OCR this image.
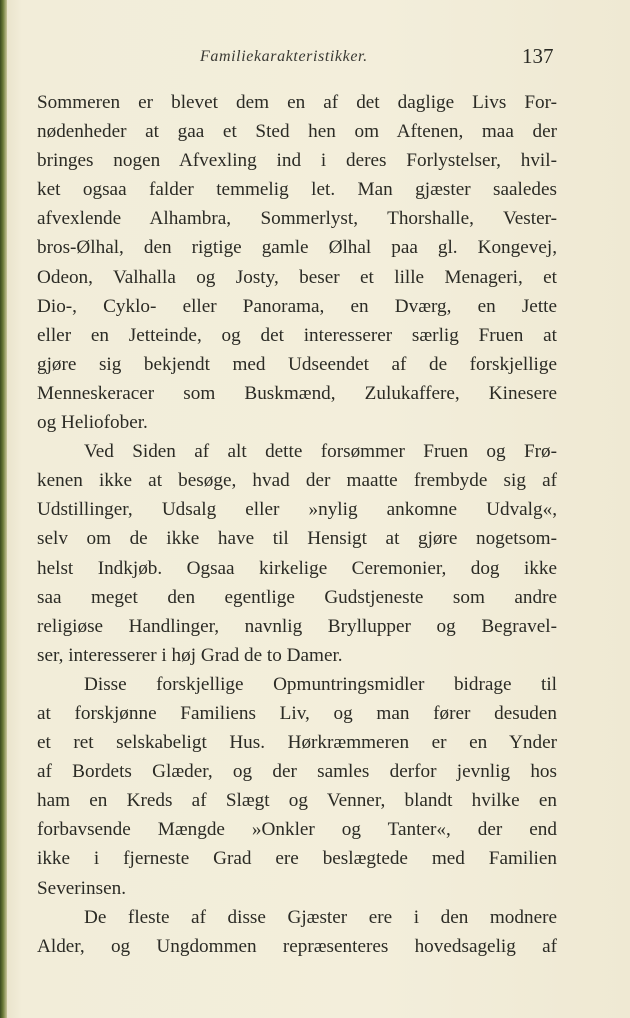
Familiekarakteristikker.	137
Sommeren er blevet dem en af det daglige Livs For-
nødenheder at gaa et Sted hen om Aftenen, maa der
bringes nogen Afvexling ind i deres Forlystelser, hvil-
ket ogsaa falder temmelig let. Man gjæster saaledes
afvexlende Alhambra, Sommerlyst, Thorshalle, Vester-
bros-Ølhal, den rigtige gamle Ølhal paa gl. Kongevej,
Odeon, Valhalla og Josty, beser et lille Menageri, et
Dio-, Cyklo- eller Panorama, en Dværg, en Jette
eller en Jetteinde, og det interesserer særlig Fruen at
gjøre sig bekjendt med Udseendet af de forskjellige
Menneskeracer som Buskmænd, Zulukaffere, Kinesere
og Heliofober.
Ved Siden af alt dette forsømmer Fruen og Frø-
kenen ikke at besøge, hvad der maatte frembyde sig af
Udstillinger, Udsalg eller »nylig ankomne Udvalg«,
selv om de ikke have til Hensigt at gjøre nogetsom-
helst Indkjøb. Ogsaa kirkelige Ceremonier, dog ikke
saa meget den egentlige Gudstjeneste som andre
religiøse Handlinger, navnlig Bryllupper og Begravel-
ser, interesserer i høj Grad de to Damer.
Disse forskjellige Opmuntringsmidler bidrage til
at forskjønne Familiens Liv, og man fører desuden
et ret selskabeligt Hus. Hørkræmmeren er en Ynder
af Bordets Glæder, og der samles derfor jevnlig hos
ham en Kreds af Slægt og Venner, blandt hvilke en
forbavsende Mængde »Onkler og Tanter«, der end
ikke i fjerneste Grad ere beslægtede med Familien
Severinsen.
De fleste af disse Gjæster ere i den modnere
Alder, og Ungdommen repræsenteres hovedsagelig af
